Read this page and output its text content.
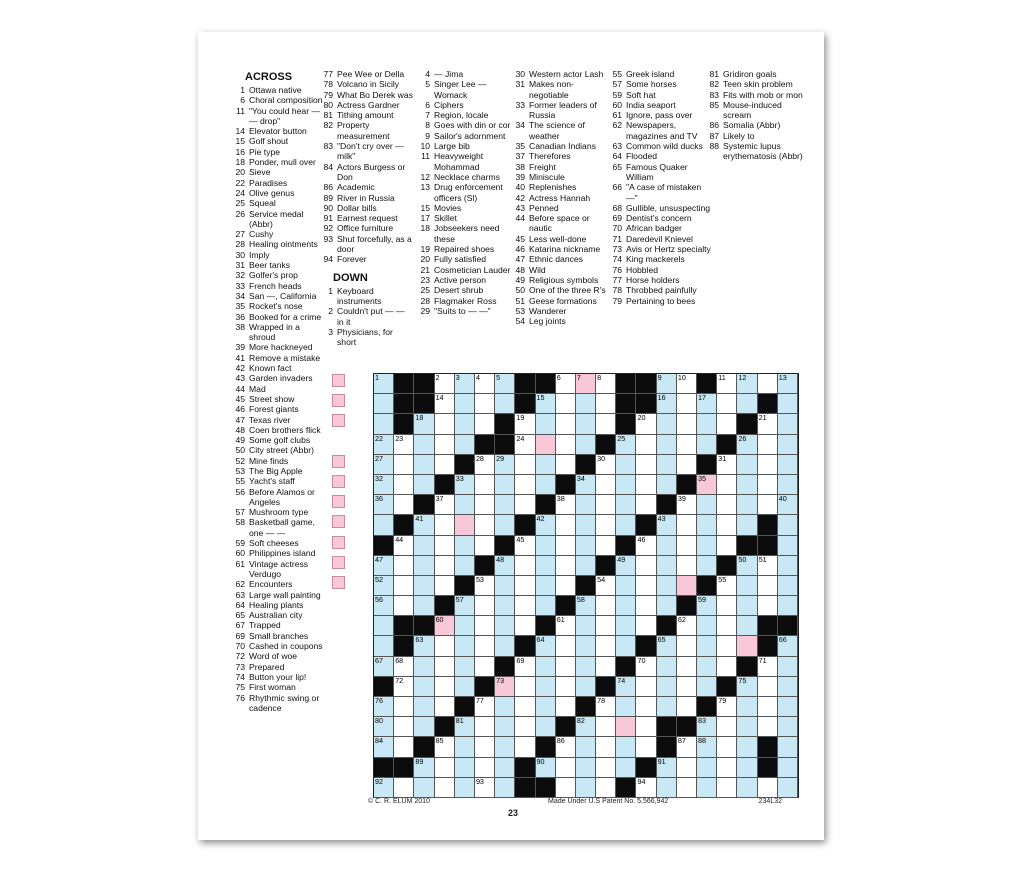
ACROSS
1 Ottawa native
6 Choral composition
11 "You could hear — — drop"
14 Elevator button
15 Golf shout
16 Pie type
18 Ponder, mull over
20 Sieve
22 Paradises
24 Olive genus
25 Squeal
26 Service medal (Abbr)
27 Cushy
28 Healing ointments
30 Imply
31 Beer tanks
32 Golfer's prop
33 French heads
34 San —, California
35 Rocket's nose
36 Booked for a crime
38 Wrapped in a shroud
39 More hackneyed
41 Remove a mistake
42 Known fact
43 Garden invaders
44 Mad
45 Street show
46 Forest giants
47 Texas river
48 Coen brothers flick
49 Some golf clubs
50 City street (Abbr)
52 Mine finds
53 The Big Apple
55 Yacht's staff
56 Before Alamos or Angeles
57 Mushroom type
58 Basketball game, one — —
59 Soft cheeses
60 Philippines island
61 Vintage actress Verdugo
62 Encounters
63 Large wall painting
64 Healing plants
65 Australian city
67 Trapped
69 Small branches
70 Cashed in coupons
72 Word of woe
73 Prepared
74 Button your lip!
75 First woman
76 Rhythmic swing or cadence
77 Pee Wee or Della
78 Volcano in Sicily
79 What Bo Derek was
80 Actress Gardner
81 Tithing amount
82 Property measurement
83 "Don't cry over — milk"
84 Actors Burgess or Don
86 Academic
89 River in Russia
90 Dollar bills
91 Earnest request
92 Office furniture
93 Shut forcefully, as a door
94 Forever
DOWN
1 Keyboard instruments
2 Couldn't put — — in it
3 Physicians, for short
4 — Jima
5 Singer Lee — Womack
6 Ciphers
7 Region, locale
8 Goes with din or cor
9 Sailor's adornment
10 Large bib
11 Heavyweight Mohammad
12 Necklace charms
13 Drug enforcement officers (Sl)
15 Movies
17 Skillet
18 Jobseekers need these
19 Repaired shoes
20 Fully satisfied
21 Cosmetician Lauder
23 Active person
25 Desert shrub
28 Flagmaker Ross
29 "Suits to — —"
30 Western actor Lash
31 Makes non-negotiable
33 Former leaders of Russia
34 The science of weather
35 Canadian Indians
37 Therefores
38 Freight
39 Miniscule
40 Replenishes
42 Actress Hannah
43 Penned
44 Before space or nautic
45 Less well-done
46 Katarina nickname
47 Ethnic dances
48 Wild
49 Religious symbols
50 One of the three R's
51 Geese formations
53 Wanderer
54 Leg joints
55 Greek island
57 Some horses
59 Soft hat
60 India seaport
61 Ignore, pass over
62 Newspapers, magazines and TV
63 Common wild ducks
64 Flooded
65 Famous Quaker William
66 "A case of mistaken —"
68 Gullible, unsuspecting
69 Dentist's concern
70 African badger
71 Daredevil Knievel
73 Avis or Hertz specialty
74 King mackerels
76 Hobbled
77 Horse holders
78 Throbbed painfully
79 Pertaining to bees
81 Gridiron goals
82 Teen skin problem
83 Fits with mob or mon
85 Mouse-induced scream
86 Somalia (Abbr)
87 Likely to
88 Systemic lupus erythematosis (Abbr)
1	2 3 4 5	6 7 8	9 10	11 12	13
14	15	16	17
18	19	20	21
22 23	24	25	26
27	28 29	30	31
32	33	34	35
36	37	38	39	40
41	42	43
44	45	46
47	48	49	50 51
52	53	54	55
56	57	58	59
60	61	62
63	64	65	66
67 68	69	70	71
72	73	74	75
76	77	78	79
80	81	82	83
84	85	86	87 88
89	90	91
92	93	94
© C. R. ELUM 2010	Made Under U.S Patent No. 5,566,942	234L32
23
